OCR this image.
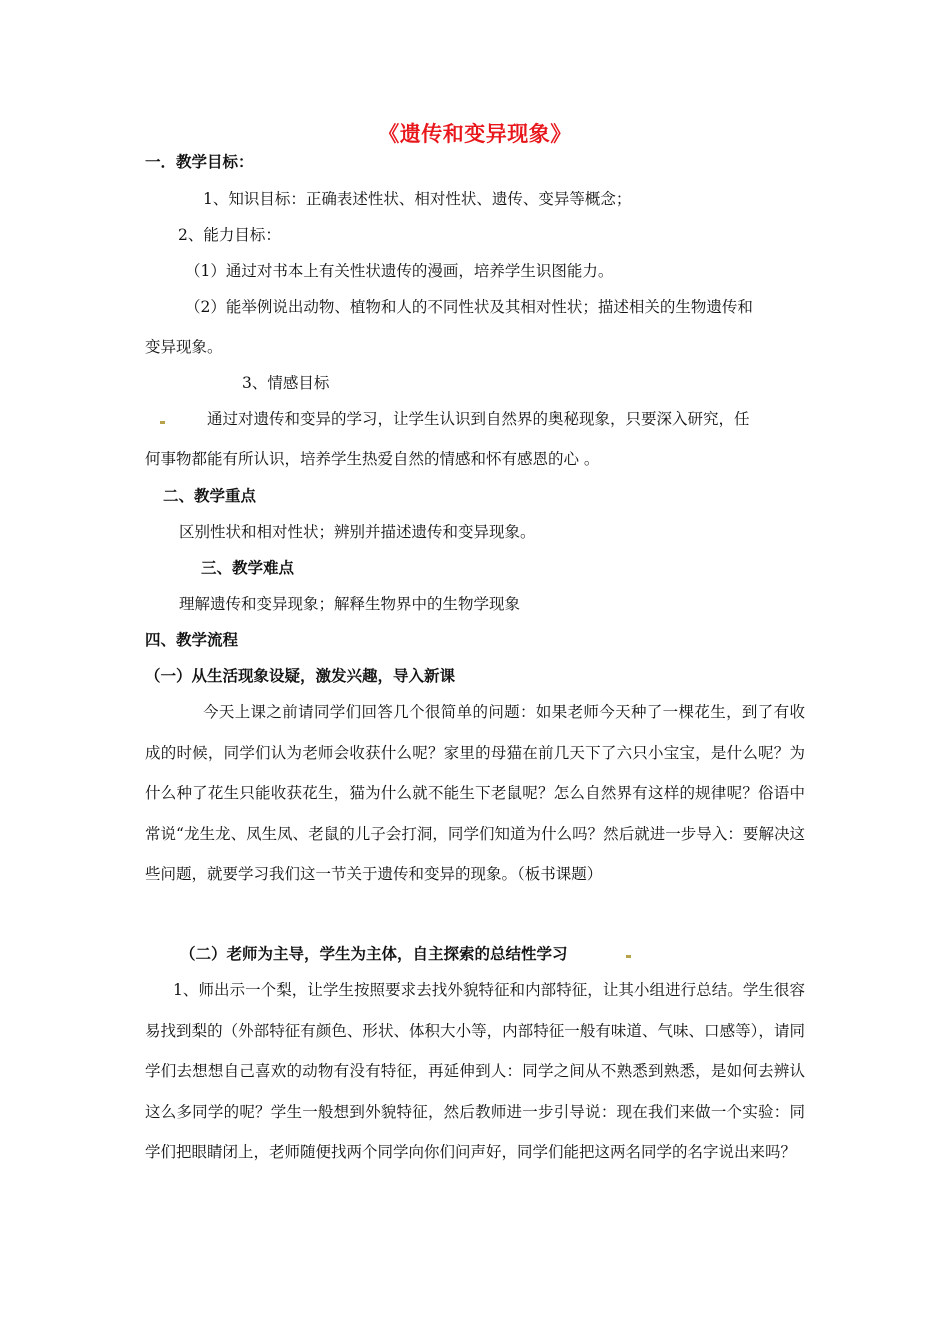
《遗传和变异现象》
一．教学目标：
1、知识目标：正确表述性状、相对性状、遗传、变异等概念；
2、能力目标：
（1）通过对书本上有关性状遗传的漫画，培养学生识图能力。
（2）能举例说出动物、植物和人的不同性状及其相对性状；描述相关的生物遗传和
变异现象。
3、情感目标
通过对遗传和变异的学习，让学生认识到自然界的奥秘现象，只要深入研究，任
何事物都能有所认识，培养学生热爱自然的情感和怀有感恩的心 。
二、教学重点
区别性状和相对性状；辨别并描述遗传和变异现象。
三、教学难点
理解遗传和变异现象；解释生物界中的生物学现象
四、教学流程
（一）从生活现象设疑，激发兴趣，导入新课
今天上课之前请同学们回答几个很简单的问题：如果老师今天种了一棵花生，到了有收成的时候，同学们认为老师会收获什么呢？家里的母猫在前几天下了六只小宝宝，是什么呢？为什么种了花生只能收获花生，猫为什么就不能生下老鼠呢？怎么自然界有这样的规律呢？俗语中常说“龙生龙、凤生凤、老鼠的儿子会打洞，同学们知道为什么吗？然后就进一步导入：要解决这些问题，就要学习我们这一节关于遗传和变异的现象。（板书课题）
（二）老师为主导，学生为主体，自主探索的总结性学习
1、师出示一个梨，让学生按照要求去找外貌特征和内部特征，让其小组进行总结。学生很容易找到梨的（外部特征有颜色、形状、体积大小等，内部特征一般有味道、气味、口感等），请同学们去想想自己喜欢的动物有没有特征，再延伸到人：同学之间从不熟悉到熟悉，是如何去辨认这么多同学的呢？学生一般想到外貌特征，然后教师进一步引导说：现在我们来做一个实验：同学们把眼睛闭上，老师随便找两个同学向你们问声好，同学们能把这两名同学的名字说出来吗？
